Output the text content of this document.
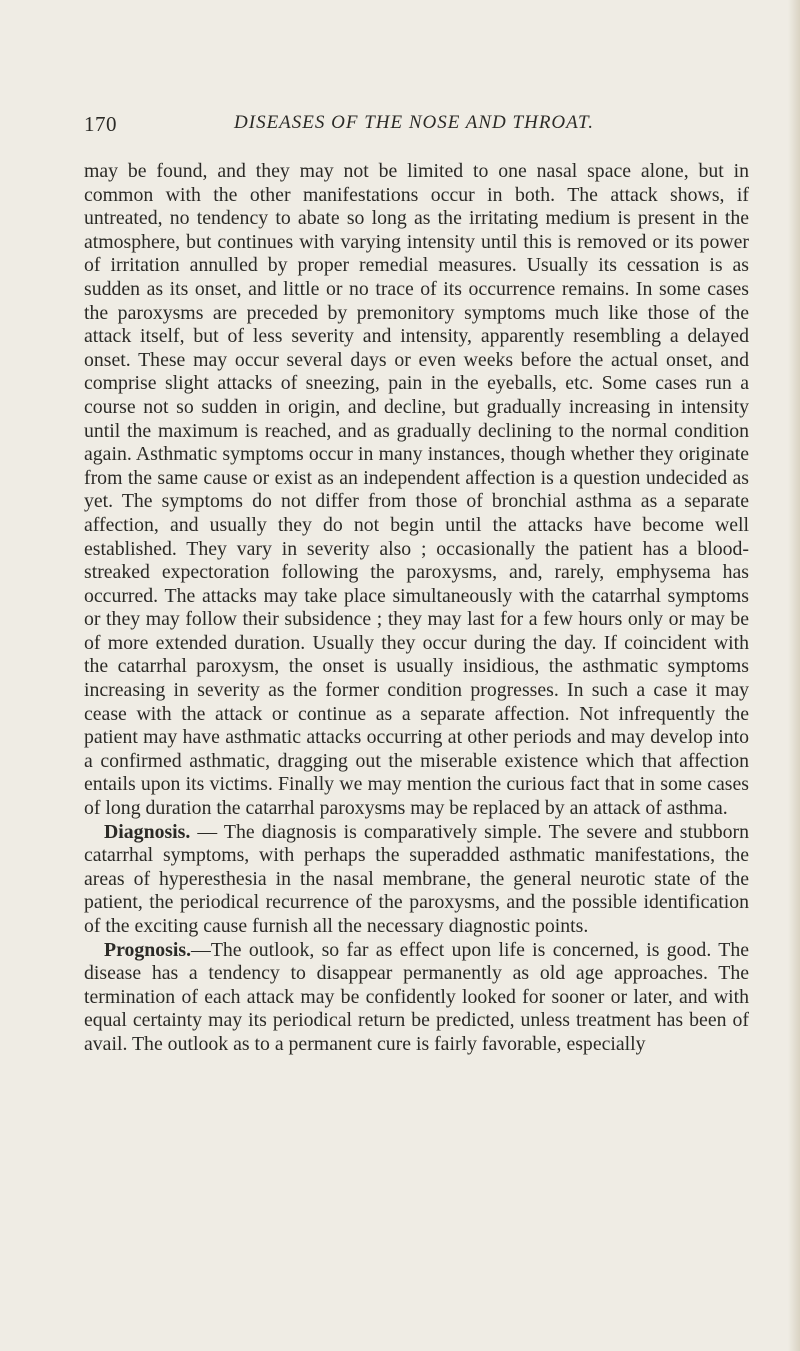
170	DISEASES OF THE NOSE AND THROAT.

may be found, and they may not be limited to one nasal space alone, but in common with the other manifestations occur in both. The attack shows, if untreated, no tendency to abate so long as the irritating medium is present in the atmosphere, but continues with varying intensity until this is removed or its power of irritation annulled by proper remedial measures. Usually its cessation is as sudden as its onset, and little or no trace of its occurrence remains. In some cases the paroxysms are preceded by premonitory symptoms much like those of the attack itself, but of less severity and intensity, apparently resembling a delayed onset. These may occur several days or even weeks before the actual onset, and comprise slight attacks of sneezing, pain in the eyeballs, etc. Some cases run a course not so sudden in origin, and decline, but gradually increasing in intensity until the maximum is reached, and as gradually declining to the normal condition again. Asthmatic symptoms occur in many instances, though whether they originate from the same cause or exist as an independent affection is a question undecided as yet. The symptoms do not differ from those of bronchial asthma as a separate affection, and usually they do not begin until the attacks have become well established. They vary in severity also ; occasionally the patient has a blood-streaked expectoration following the paroxysms, and, rarely, emphysema has occurred. The attacks may take place simultaneously with the catarrhal symptoms or they may follow their subsidence ; they may last for a few hours only or may be of more extended duration. Usually they occur during the day. If coincident with the catarrhal paroxysm, the onset is usually insidious, the asthmatic symptoms increasing in severity as the former condition progresses. In such a case it may cease with the attack or continue as a separate affection. Not infrequently the patient may have asthmatic attacks occurring at other periods and may develop into a confirmed asthmatic, dragging out the miserable existence which that affection entails upon its victims. Finally we may mention the curious fact that in some cases of long duration the catarrhal paroxysms may be replaced by an attack of asthma.

Diagnosis. — The diagnosis is comparatively simple. The severe and stubborn catarrhal symptoms, with perhaps the superadded asthmatic manifestations, the areas of hyperesthesia in the nasal membrane, the general neurotic state of the patient, the periodical recurrence of the paroxysms, and the possible identification of the exciting cause furnish all the necessary diagnostic points.

Prognosis.—The outlook, so far as effect upon life is concerned, is good. The disease has a tendency to disappear permanently as old age approaches. The termination of each attack may be confidently looked for sooner or later, and with equal certainty may its periodical return be predicted, unless treatment has been of avail. The outlook as to a permanent cure is fairly favorable, especially
